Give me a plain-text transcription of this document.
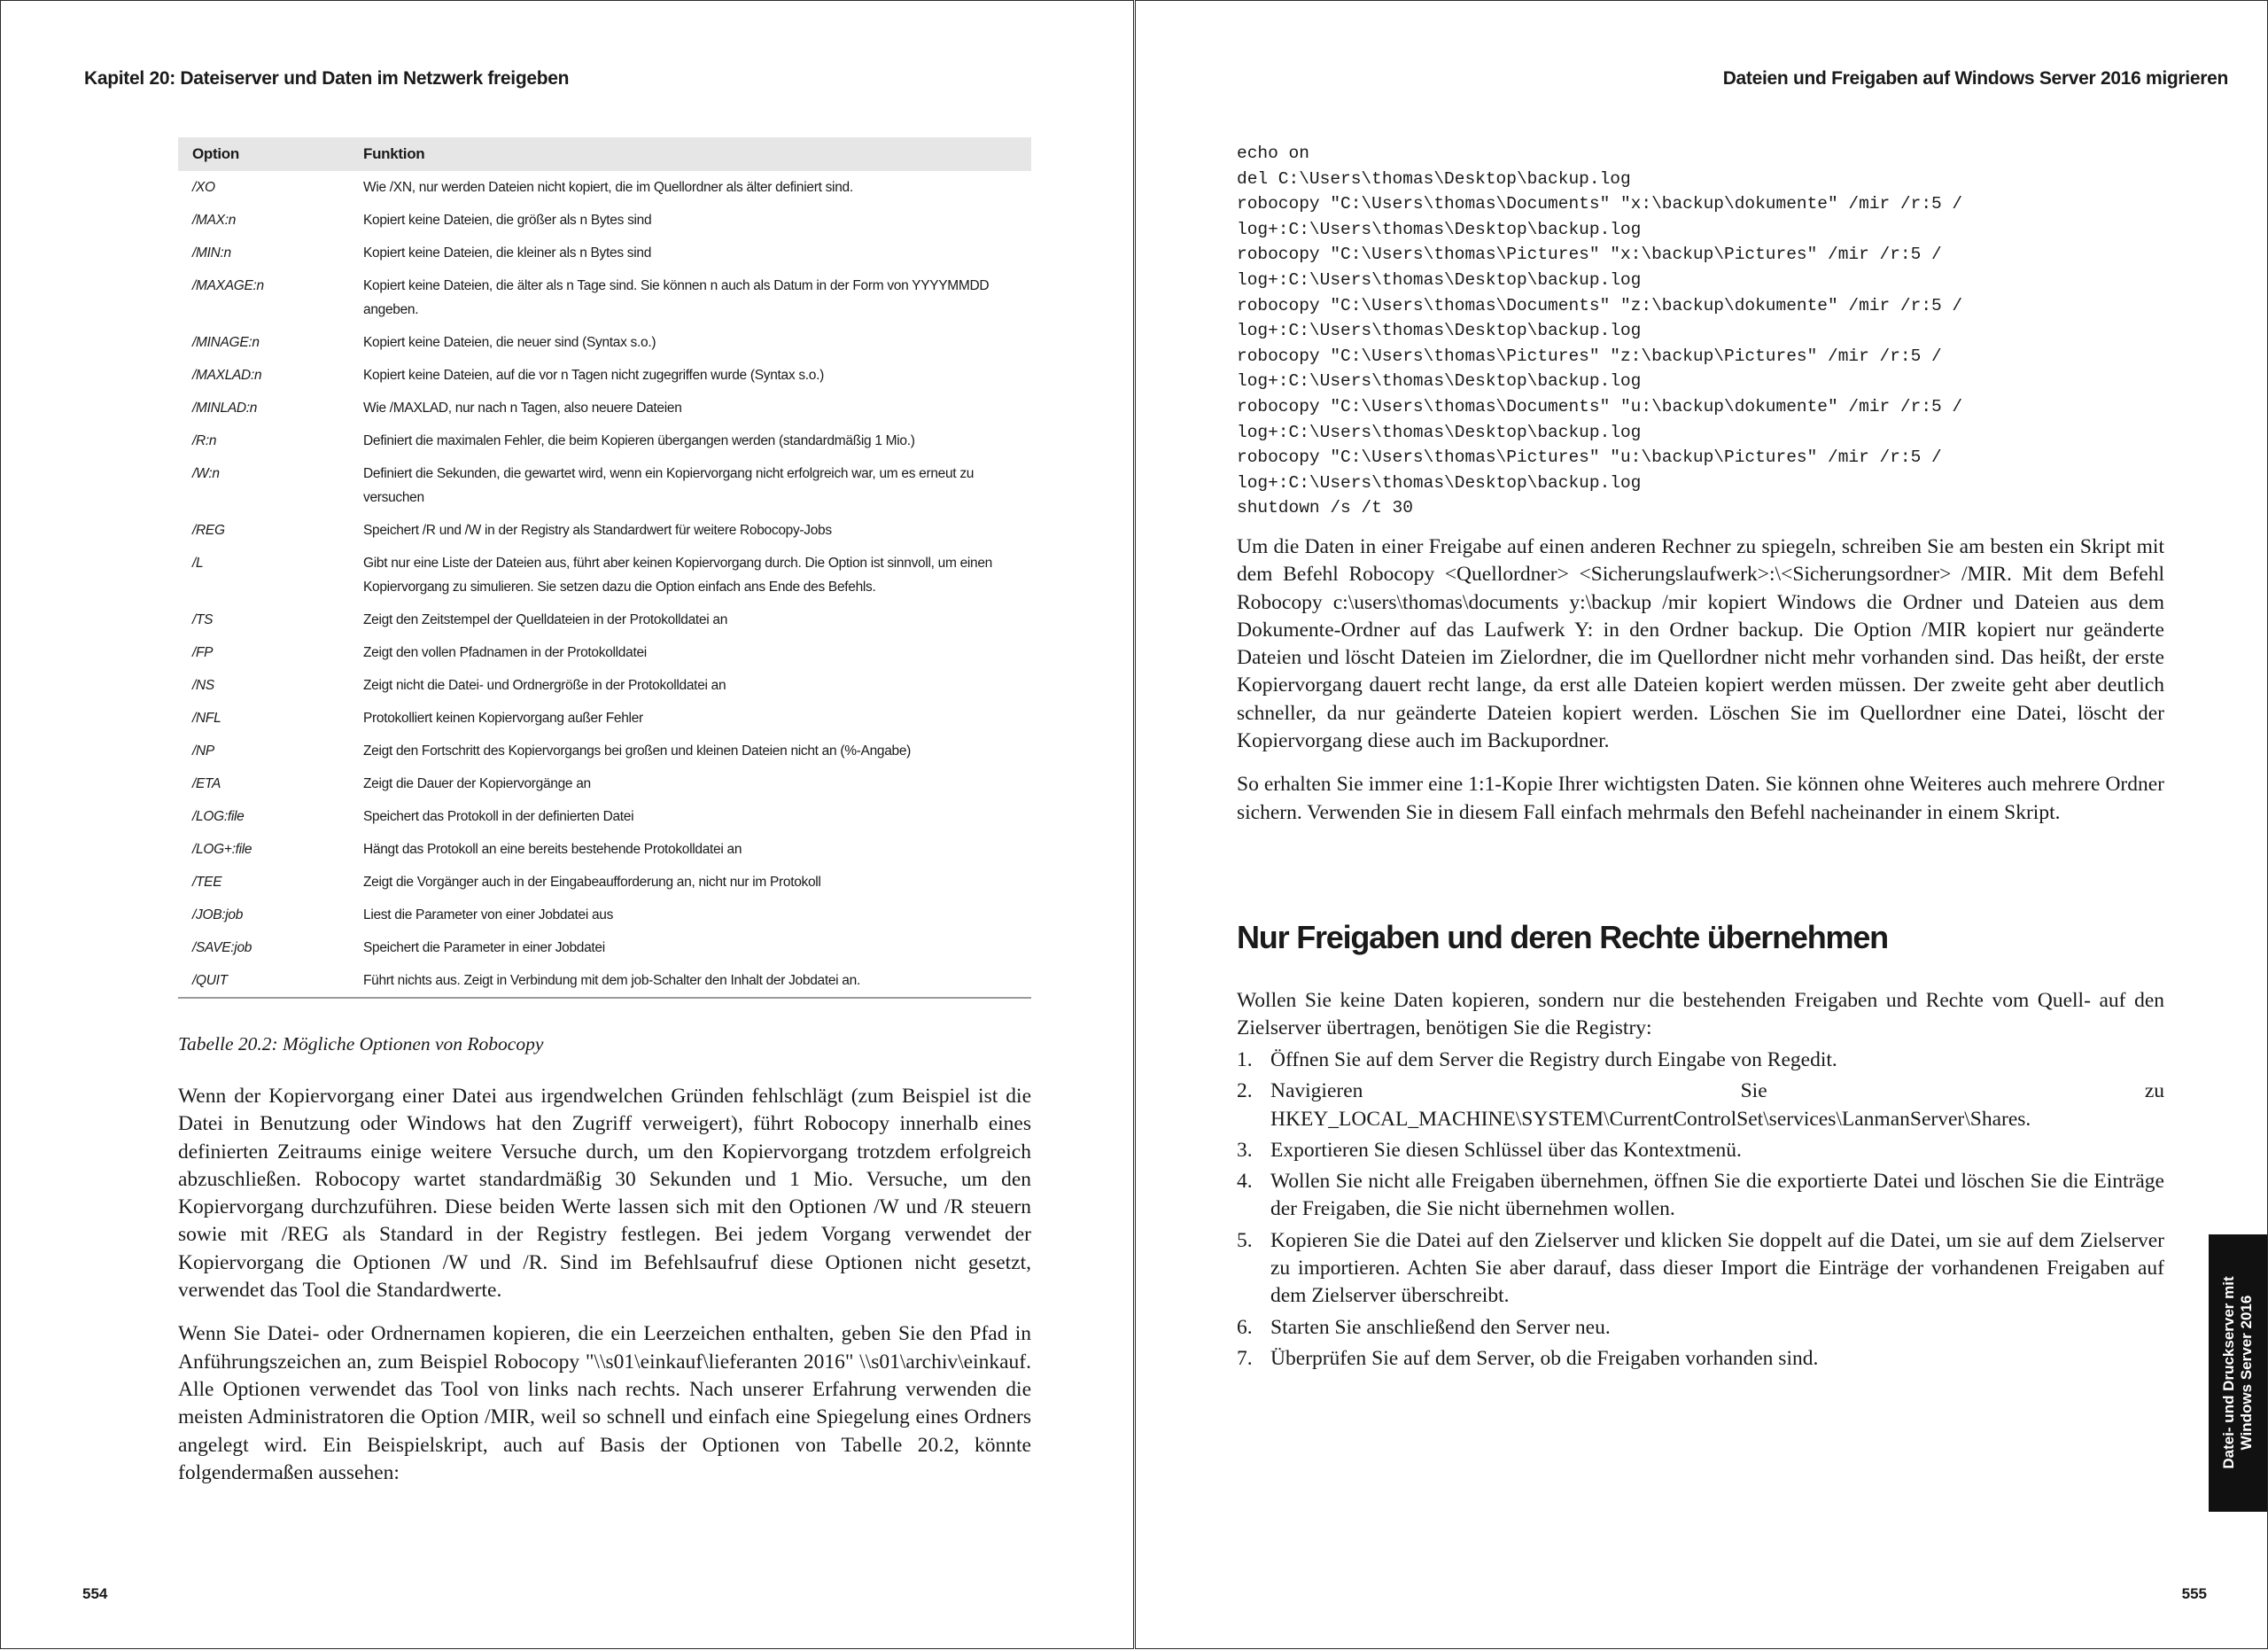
Kapitel 20: Dateiserver und Daten im Netzwerk freigeben
Option	Funktion
/XO	Wie /XN, nur werden Dateien nicht kopiert, die im Quellordner als älter definiert sind.
/MAX:n	Kopiert keine Dateien, die größer als n Bytes sind
/MIN:n	Kopiert keine Dateien, die kleiner als n Bytes sind
/MAXAGE:n	Kopiert keine Dateien, die älter als n Tage sind. Sie können n auch als Datum in der Form von YYYYMMDD angeben.
/MINAGE:n	Kopiert keine Dateien, die neuer sind (Syntax s.o.)
/MAXLAD:n	Kopiert keine Dateien, auf die vor n Tagen nicht zugegriffen wurde (Syntax s.o.)
/MINLAD:n	Wie /MAXLAD, nur nach n Tagen, also neuere Dateien
/R:n	Definiert die maximalen Fehler, die beim Kopieren übergangen werden (standardmäßig 1 Mio.)
/W:n	Definiert die Sekunden, die gewartet wird, wenn ein Kopiervorgang nicht erfolgreich war, um es erneut zu versuchen
/REG	Speichert /R und /W in der Registry als Standardwert für weitere Robocopy-Jobs
/L	Gibt nur eine Liste der Dateien aus, führt aber keinen Kopiervorgang durch. Die Option ist sinnvoll, um einen Kopiervorgang zu simulieren. Sie setzen dazu die Option einfach ans Ende des Befehls.
/TS	Zeigt den Zeitstempel der Quelldateien in der Protokolldatei an
/FP	Zeigt den vollen Pfadnamen in der Protokolldatei
/NS	Zeigt nicht die Datei- und Ordnergröße in der Protokolldatei an
/NFL	Protokolliert keinen Kopiervorgang außer Fehler
/NP	Zeigt den Fortschritt des Kopiervorgangs bei großen und kleinen Dateien nicht an (%-Angabe)
/ETA	Zeigt die Dauer der Kopiervorgänge an
/LOG:file	Speichert das Protokoll in der definierten Datei
/LOG+:file	Hängt das Protokoll an eine bereits bestehende Protokolldatei an
/TEE	Zeigt die Vorgänger auch in der Eingabeaufforderung an, nicht nur im Protokoll
/JOB:job	Liest die Parameter von einer Jobdatei aus
/SAVE:job	Speichert die Parameter in einer Jobdatei
/QUIT	Führt nichts aus. Zeigt in Verbindung mit dem job-Schalter den Inhalt der Jobdatei an.
Tabelle 20.2: Mögliche Optionen von Robocopy

Wenn der Kopiervorgang einer Datei aus irgendwelchen Gründen fehlschlägt (zum Beispiel ist die Datei in Benutzung oder Windows hat den Zugriff verweigert), führt Robocopy innerhalb eines definierten Zeitraums einige weitere Versuche durch, um den Kopiervorgang trotzdem erfolgreich abzuschließen. Robocopy wartet standardmäßig 30 Sekunden und 1 Mio. Versuche, um den Kopiervorgang durchzuführen. Diese beiden Werte lassen sich mit den Optionen /W und /R steuern sowie mit /REG als Standard in der Registry festlegen. Bei jedem Vorgang verwendet der Kopiervorgang die Optionen /W und /R. Sind im Befehlsaufruf diese Optionen nicht gesetzt, verwendet das Tool die Standardwerte.

Wenn Sie Datei- oder Ordnernamen kopieren, die ein Leerzeichen enthalten, geben Sie den Pfad in Anführungszeichen an, zum Beispiel Robocopy "\\s01\einkauf\lieferanten 2016" \\s01\archiv\einkauf. Alle Optionen verwendet das Tool von links nach rechts. Nach unserer Erfahrung verwenden die meisten Administratoren die Option /MIR, weil so schnell und einfach eine Spiegelung eines Ordners angelegt wird. Ein Beispielskript, auch auf Basis der Optionen von Tabelle 20.2, könnte folgendermaßen aussehen:

554
Dateien und Freigaben auf Windows Server 2016 migrieren
echo on
del C:\Users\thomas\Desktop\backup.log
robocopy "C:\Users\thomas\Documents" "x:\backup\dokumente" /mir /r:5 /
log+:C:\Users\thomas\Desktop\backup.log
robocopy "C:\Users\thomas\Pictures" "x:\backup\Pictures" /mir /r:5 /
log+:C:\Users\thomas\Desktop\backup.log
robocopy "C:\Users\thomas\Documents" "z:\backup\dokumente" /mir /r:5 /
log+:C:\Users\thomas\Desktop\backup.log
robocopy "C:\Users\thomas\Pictures" "z:\backup\Pictures" /mir /r:5 /
log+:C:\Users\thomas\Desktop\backup.log
robocopy "C:\Users\thomas\Documents" "u:\backup\dokumente" /mir /r:5 /
log+:C:\Users\thomas\Desktop\backup.log
robocopy "C:\Users\thomas\Pictures" "u:\backup\Pictures" /mir /r:5 /
log+:C:\Users\thomas\Desktop\backup.log
shutdown /s /t 30

Um die Daten in einer Freigabe auf einen anderen Rechner zu spiegeln, schreiben Sie am besten ein Skript mit dem Befehl Robocopy <Quellordner> <Sicherungslaufwerk>:\<Sicherungsordner> /MIR. Mit dem Befehl Robocopy c:\users\thomas\documents y:\backup /mir kopiert Windows die Ordner und Dateien aus dem Dokumente-Ordner auf das Laufwerk Y: in den Ordner backup. Die Option /MIR kopiert nur geänderte Dateien und löscht Dateien im Zielordner, die im Quellordner nicht mehr vorhanden sind. Das heißt, der erste Kopiervorgang dauert recht lange, da erst alle Dateien kopiert werden müssen. Der zweite geht aber deutlich schneller, da nur geänderte Dateien kopiert werden. Löschen Sie im Quellordner eine Datei, löscht der Kopiervorgang diese auch im Backupordner.

So erhalten Sie immer eine 1:1-Kopie Ihrer wichtigsten Daten. Sie können ohne Weiteres auch mehrere Ordner sichern. Verwenden Sie in diesem Fall einfach mehrmals den Befehl nacheinander in einem Skript.

Nur Freigaben und deren Rechte übernehmen

Wollen Sie keine Daten kopieren, sondern nur die bestehenden Freigaben und Rechte vom Quell- auf den Zielserver übertragen, benötigen Sie die Registry:

1. Öffnen Sie auf dem Server die Registry durch Eingabe von Regedit.
2. Navigieren Sie zu HKEY_LOCAL_MACHINE\SYSTEM\CurrentControlSet\services\LanmanServer\Shares.
3. Exportieren Sie diesen Schlüssel über das Kontextmenü.
4. Wollen Sie nicht alle Freigaben übernehmen, öffnen Sie die exportierte Datei und löschen Sie die Einträge der Freigaben, die Sie nicht übernehmen wollen.
5. Kopieren Sie die Datei auf den Zielserver und klicken Sie doppelt auf die Datei, um sie auf dem Zielserver zu importieren. Achten Sie aber darauf, dass dieser Import die Einträge der vorhandenen Freigaben auf dem Zielserver überschreibt.
6. Starten Sie anschließend den Server neu.
7. Überprüfen Sie auf dem Server, ob die Freigaben vorhanden sind.	Datei- und Druckserver mit
Windows Server 2016
555
